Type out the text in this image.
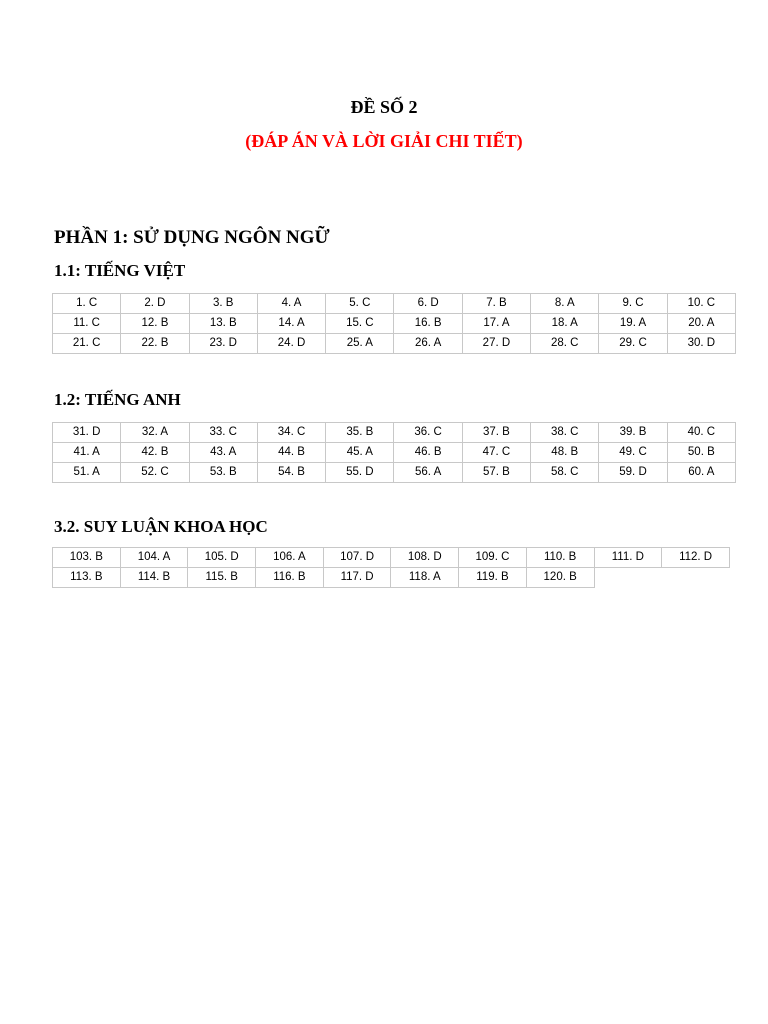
ĐỀ SỐ 2
(ĐÁP ÁN VÀ LỜI GIẢI CHI TIẾT)
PHẦN 1: SỬ DỤNG NGÔN NGỮ
1.1: TIẾNG VIỆT
1. C	2. D	3. B	4. A	5. C	6. D	7. B	8. A	9. C	10. C
11. C	12. B	13. B	14. A	15. C	16. B	17. A	18. A	19. A	20. A
21. C	22. B	23. D	24. D	25. A	26. A	27. D	28. C	29. C	30. D
1.2: TIẾNG ANH
31. D	32. A	33. C	34. C	35. B	36. C	37. B	38. C	39. B	40. C
41. A	42. B	43. A	44. B	45. A	46. B	47. C	48. B	49. C	50. B
51. A	52. C	53. B	54. B	55. D	56. A	57. B	58. C	59. D	60. A
3.2. SUY LUẬN KHOA HỌC
103. B	104. A	105. D	106. A	107. D	108. D	109. C	110. B	111. D	112. D
113. B	114. B	115. B	116. B	117. D	118. A	119. B	120. B		
